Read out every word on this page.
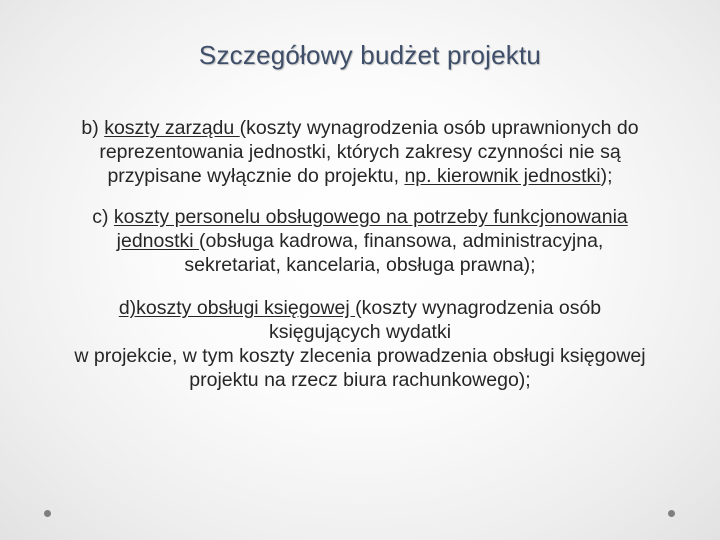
Szczegółowy budżet projektu

b) koszty zarządu (koszty wynagrodzenia osób uprawnionych do reprezentowania jednostki, których zakresy czynności nie są przypisane wyłącznie do projektu, np. kierownik jednostki);

c) koszty personelu obsługowego na potrzeby funkcjonowania jednostki (obsługa kadrowa, finansowa, administracyjna, sekretariat, kancelaria, obsługa prawna);

d)koszty obsługi księgowej (koszty wynagrodzenia osób księgujących wydatki
w projekcie, w tym koszty zlecenia prowadzenia obsługi księgowej projektu na rzecz biura rachunkowego);
